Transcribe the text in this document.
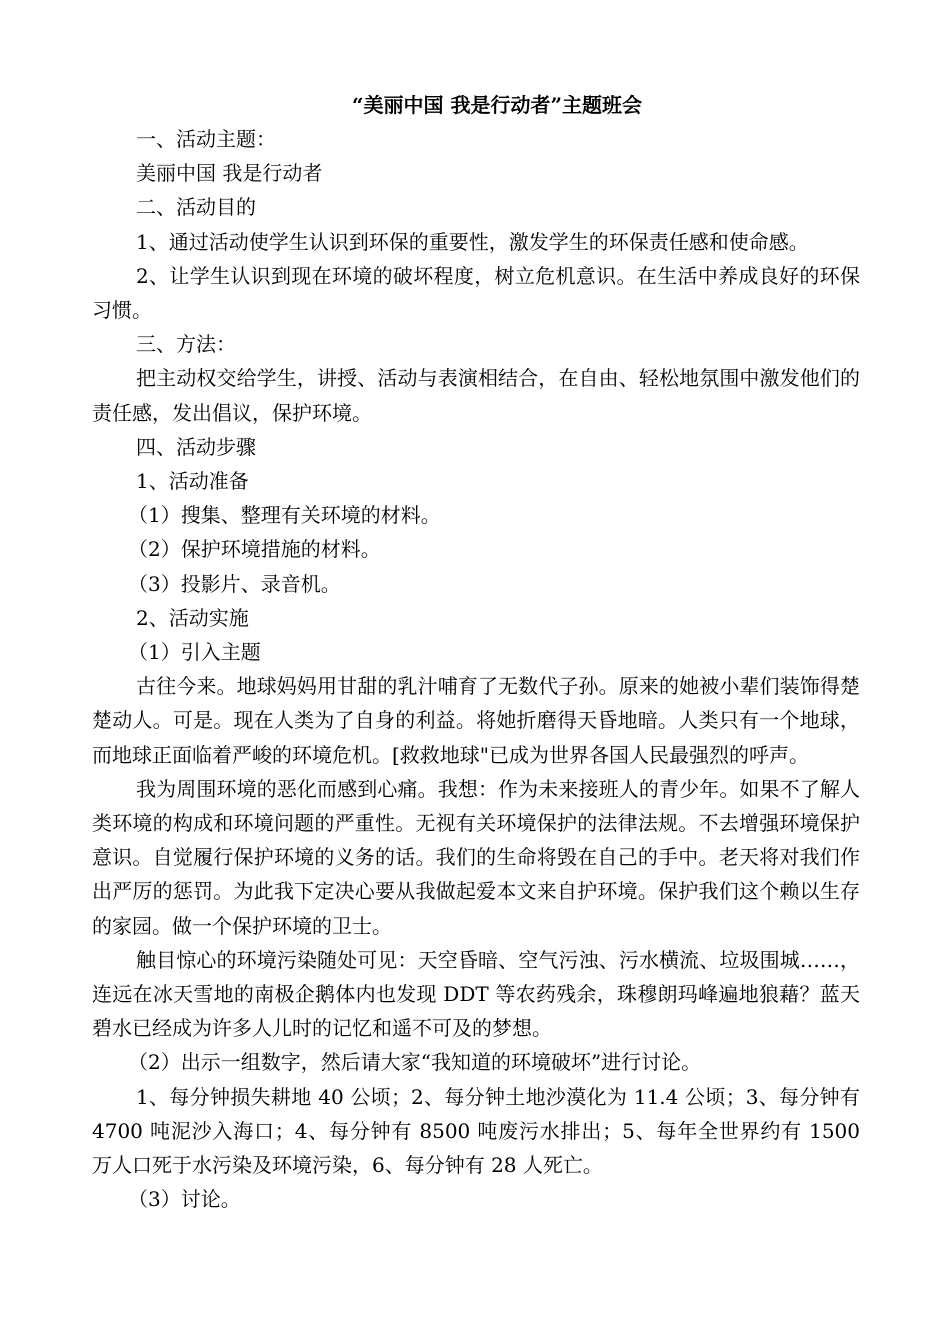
“美丽中国 我是行动者”主题班会

一、活动主题：

美丽中国 我是行动者

二、活动目的

1、通过活动使学生认识到环保的重要性，激发学生的环保责任感和使命感。

2、让学生认识到现在环境的破坏程度，树立危机意识。在生活中养成良好的环保习惯。

三、方法：

把主动权交给学生，讲授、活动与表演相结合，在自由、轻松地氛围中激发他们的责任感，发出倡议，保护环境。

四、活动步骤

1、活动准备

（1）搜集、整理有关环境的材料。

（2）保护环境措施的材料。

（3）投影片、录音机。

2、活动实施

（1）引入主题

古往今来。地球妈妈用甘甜的乳汁哺育了无数代子孙。原来的她被小辈们装饰得楚楚动人。可是。现在人类为了自身的利益。将她折磨得天昏地暗。人类只有一个地球，而地球正面临着严峻的环境危机。[救救地球"已成为世界各国人民最强烈的呼声。

我为周围环境的恶化而感到心痛。我想：作为未来接班人的青少年。如果不了解人类环境的构成和环境问题的严重性。无视有关环境保护的法律法规。不去增强环境保护意识。自觉履行保护环境的义务的话。我们的生命将毁在自己的手中。老天将对我们作出严厉的惩罚。为此我下定决心要从我做起爱本文来自护环境。保护我们这个赖以生存的家园。做一个保护环境的卫士。

触目惊心的环境污染随处可见：天空昏暗、空气污浊、污水横流、垃圾围城……，连远在冰天雪地的南极企鹅体内也发现 DDT 等农药残余，珠穆朗玛峰遍地狼藉？蓝天碧水已经成为许多人儿时的记忆和遥不可及的梦想。

（2）出示一组数字，然后请大家“我知道的环境破坏”进行讨论。

1、每分钟损失耕地 40 公顷；2、每分钟土地沙漠化为 11.4 公顷；3、每分钟有 4700 吨泥沙入海口；4、每分钟有 8500 吨废污水排出；5、每年全世界约有 1500 万人口死于水污染及环境污染，6、每分钟有 28 人死亡。

（3）讨论。
